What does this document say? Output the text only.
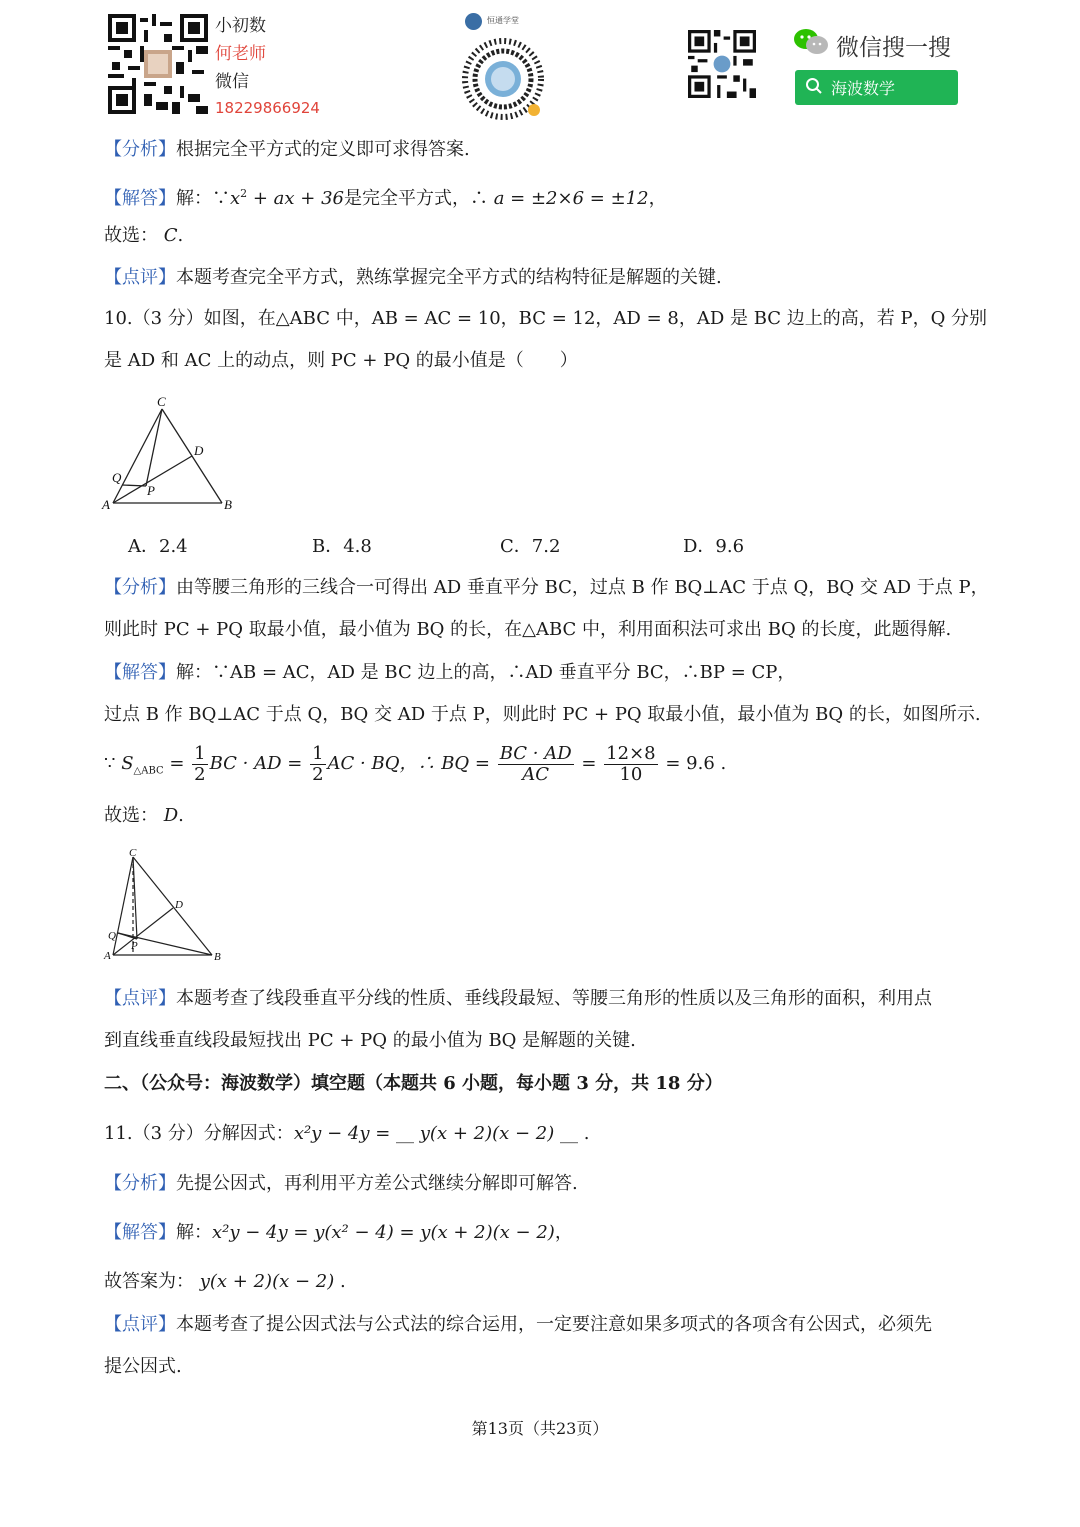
小初数
何老师
微信
18229866924
恒通学堂
微信搜一搜
海波数学
【分析】根据完全平方式的定义即可求得答案.
【解答】解：$\because x^2$ + ax + 36是完全平方式，∴ a = ±2×6 = ±12，
故选： C.
【点评】本题考查完全平方式，熟练掌握完全平方式的结构特征是解题的关键.
10.（3 分）如图，在△ABC 中，AB = AC = 10，BC = 12，AD = 8，AD 是 BC 边上的高，若 P，Q 分别
是 AD 和 AC 上的动点，则 PC + PQ 的最小值是（　　）
C
D
Q
P
A	B
A．2.4	B．4.8	C．7.2	D．9.6
【分析】由等腰三角形的三线合一可得出 AD 垂直平分 BC，过点 B 作 BQ⊥AC 于点 Q，BQ 交 AD 于点 P，
则此时 PC + PQ 取最小值，最小值为 BQ 的长，在△ABC 中，利用面积法可求出 BQ 的长度，此题得解.
【解答】解：∵AB = AC，AD 是 BC 边上的高，∴AD 垂直平分 BC，∴BP = CP，
过点 B 作 BQ⊥AC 于点 Q，BQ 交 AD 于点 P，则此时 PC + PQ 取最小值，最小值为 BQ 的长，如图所示.
∵ $S_{\triangle ABC} = \frac{1}{2}$ BC · AD = $\frac{1}{2}$ AC · BQ，∴ BQ = $\frac{BC \cdot AD}{AC} = \frac{12\times 8}{10} = 9.6$ .
故选： D.
C
D
Q
P
A	B
【点评】本题考查了线段垂直平分线的性质、垂线段最短、等腰三角形的性质以及三角形的面积，利用点
到直线垂直线段最短找出 PC + PQ 的最小值为 BQ 是解题的关键.
二、（公众号：海波数学）填空题（本题共 6 小题，每小题 3 分，共 18 分）
11.（3 分）分解因式：x²y − 4y = __ y(x + 2)(x − 2) __ .
【分析】先提公因式，再利用平方差公式继续分解即可解答.
【解答】解：x²y − 4y = y(x² − 4) = y(x + 2)(x − 2)，
故答案为： y(x + 2)(x − 2) .
【点评】本题考查了提公因式法与公式法的综合运用，一定要注意如果多项式的各项含有公因式，必须先
提公因式.
第13页（共23页）
